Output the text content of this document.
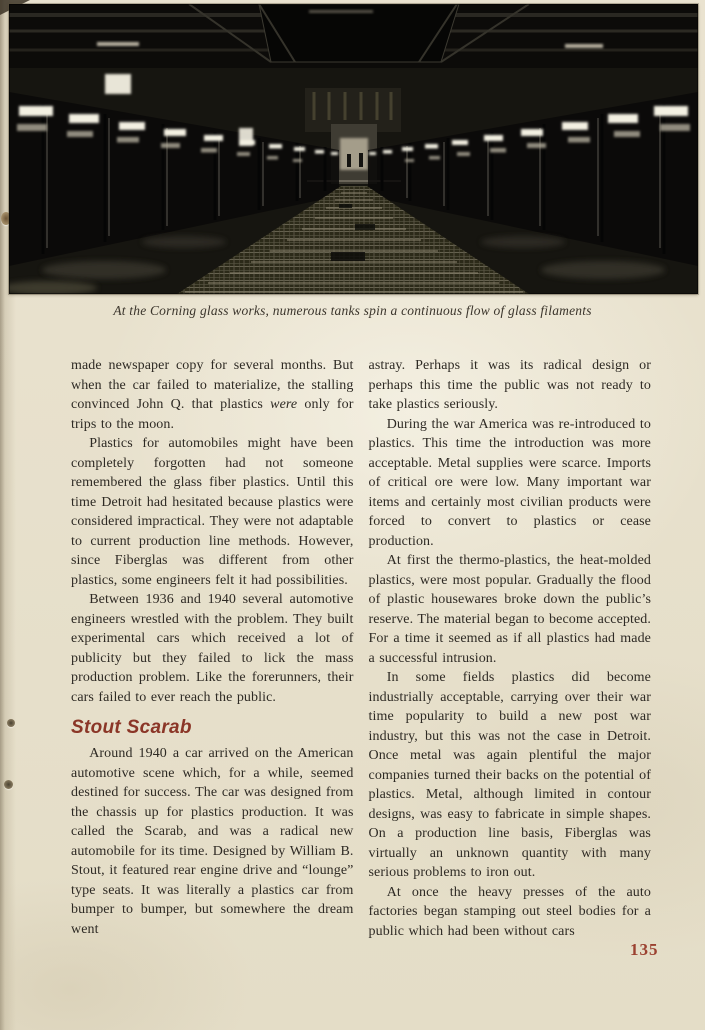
At the Corning glass works, numerous tanks spin a continuous flow of glass filaments

made newspaper copy for several months. But when the car failed to materialize, the stalling convinced John Q. that plastics were only for trips to the moon.

Plastics for automobiles might have been completely forgotten had not someone remembered the glass fiber plastics. Until this time Detroit had hesitated because plastics were considered impractical. They were not adaptable to current production line methods. However, since Fiberglas was different from other plastics, some engineers felt it had possibilities.

Between 1936 and 1940 several automotive engineers wrestled with the problem. They built experimental cars which received a lot of publicity but they failed to lick the mass production problem. Like the forerunners, their cars failed to ever reach the public.

Stout Scarab

Around 1940 a car arrived on the American automotive scene which, for a while, seemed destined for success. The car was designed from the chassis up for plastics production. It was called the Scarab, and was a radical new automobile for its time. Designed by William B. Stout, it featured rear engine drive and “lounge” type seats. It was literally a plastics car from bumper to bumper, but somewhere the dream went

astray. Perhaps it was its radical design or perhaps this time the public was not ready to take plastics seriously.

During the war America was re-introduced to plastics. This time the introduction was more acceptable. Metal supplies were scarce. Imports of critical ore were low. Many important war items and certainly most civilian products were forced to convert to plastics or cease production.

At first the thermo-plastics, the heat-molded plastics, were most popular. Gradually the flood of plastic housewares broke down the public’s reserve. The material began to become accepted. For a time it seemed as if all plastics had made a successful intrusion.

In some fields plastics did become industrially acceptable, carrying over their war time popularity to build a new post war industry, but this was not the case in Detroit. Once metal was again plentiful the major companies turned their backs on the potential of plastics. Metal, although limited in contour designs, was easy to fabricate in simple shapes. On a production line basis, Fiberglas was virtually an unknown quantity with many serious problems to iron out.

At once the heavy presses of the auto factories began stamping out steel bodies for a public which had been without cars

135
